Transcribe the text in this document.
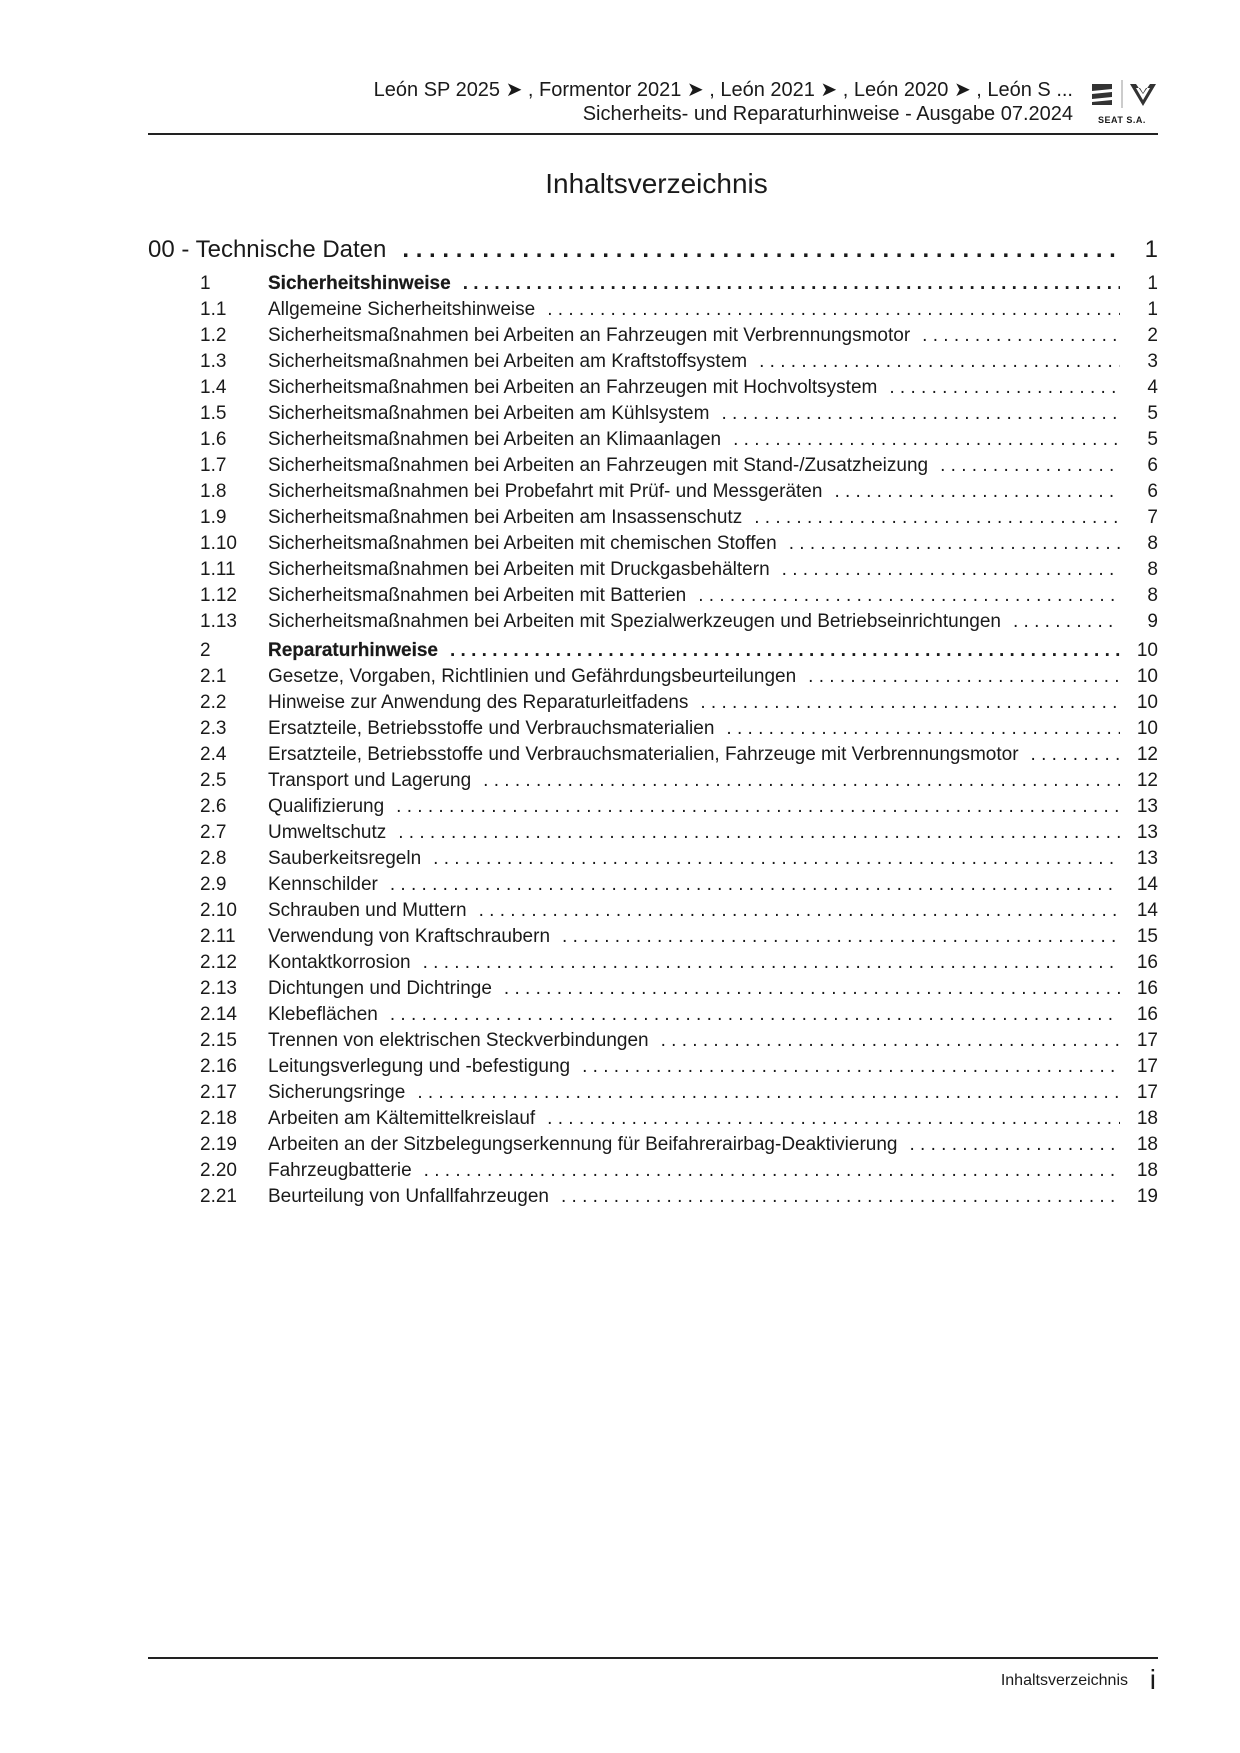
León SP 2025 ➤ , Formentor 2021 ➤ , León 2021 ➤ , León 2020 ➤ , León S ...
Sicherheits- und Reparaturhinweise - Ausgabe 07.2024	SEAT S.A.
Inhaltsverzeichnis
00 - Technische Daten . . .	1
1	Sicherheitshinweise . . .	1
1.1 Allgemeine Sicherheitshinweise . . .	1
1.2 Sicherheitsmaßnahmen bei Arbeiten an Fahrzeugen mit Verbrennungsmotor . . .	2
1.3 Sicherheitsmaßnahmen bei Arbeiten am Kraftstoffsystem . . .	3
1.4 Sicherheitsmaßnahmen bei Arbeiten an Fahrzeugen mit Hochvoltsystem . . .	4
1.5 Sicherheitsmaßnahmen bei Arbeiten am Kühlsystem . . .	5
1.6 Sicherheitsmaßnahmen bei Arbeiten an Klimaanlagen . . .	5
1.7 Sicherheitsmaßnahmen bei Arbeiten an Fahrzeugen mit Stand-/Zusatzheizung . . .	6
1.8 Sicherheitsmaßnahmen bei Probefahrt mit Prüf- und Messgeräten . . .	6
1.9 Sicherheitsmaßnahmen bei Arbeiten am Insassenschutz . . .	7
1.10 Sicherheitsmaßnahmen bei Arbeiten mit chemischen Stoffen . . .	8
1.11 Sicherheitsmaßnahmen bei Arbeiten mit Druckgasbehältern . . .	8
1.12 Sicherheitsmaßnahmen bei Arbeiten mit Batterien . . .	8
1.13 Sicherheitsmaßnahmen bei Arbeiten mit Spezialwerkzeugen und Betriebseinrichtungen . . .	9
2	Reparaturhinweise . . .	10
2.1 Gesetze, Vorgaben, Richtlinien und Gefährdungsbeurteilungen . . .	10
2.2 Hinweise zur Anwendung des Reparaturleitfadens . . .	10
2.3 Ersatzteile, Betriebsstoffe und Verbrauchsmaterialien . . .	10
2.4 Ersatzteile, Betriebsstoffe und Verbrauchsmaterialien, Fahrzeuge mit Verbrennungsmotor . . .	12
2.5 Transport und Lagerung . . .	12
2.6 Qualifizierung . . .	13
2.7 Umweltschutz . . .	13
2.8 Sauberkeitsregeln . . .	13
2.9 Kennschilder . . .	14
2.10 Schrauben und Muttern . . .	14
2.11 Verwendung von Kraftschraubern . . .	15
2.12 Kontaktkorrosion . . .	16
2.13 Dichtungen und Dichtringe . . .	16
2.14 Klebeflächen . . .	16
2.15 Trennen von elektrischen Steckverbindungen . . .	17
2.16 Leitungsverlegung und -befestigung . . .	17
2.17 Sicherungsringe . . .	17
2.18 Arbeiten am Kältemittelkreislauf . . .	18
2.19 Arbeiten an der Sitzbelegungserkennung für Beifahrerairbag-Deaktivierung . . .	18
2.20 Fahrzeugbatterie . . .	18
2.21 Beurteilung von Unfallfahrzeugen . . .	19
Inhaltsverzeichnis i
